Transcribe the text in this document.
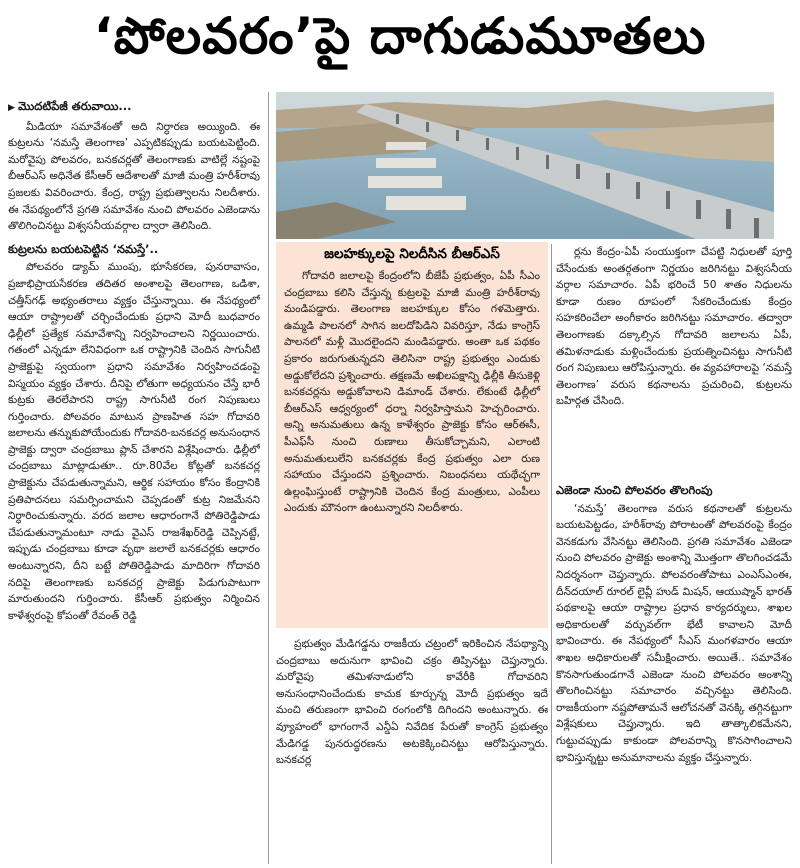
‘పోలవరం’పై దాగుడుమూతలు
▶ మొదటిపేజీ తరువాయి...

మీడియా సమావేశంతో అది నిర్ధారణ అయ్యింది. ఈ కుట్రలను ‘నమస్తే తెలంగాణ’ ఎప్పటికప్పుడు బయటపెట్టింది. మరోవైపు పోలవరం, బనకచర్లతో తెలంగాణకు వాటిల్లే నష్టంపై బీఆర్‌ఎస్‌ అధినేత కేసీఆర్‌ ఆదేశాలతో మాజీ మంత్రి హరీశ్‌రావు ప్రజలకు వివరించారు. కేంద్ర, రాష్ట్ర ప్రభుత్వాలను నిలదీశారు. ఈ నేపథ్యంలోనే ప్రగతి సమావేశం నుంచి పోలవరం ఎజెండాను తొలిగించినట్టు విశ్వసనీయవర్గాల ద్వారా తెలిసింది.

కుట్రలను బయటపెట్టిన ‘నమస్తే’..

పోలవరం డ్యామ్‌ ముంపు, భూసేకరణ, పునరావాసం, ప్రజాభిప్రాయసేకరణ తదితర అంశాలపై తెలంగాణ, ఒడిశా, చత్తీస్‌గఢ్‌ అభ్యంతరాలు వ్యక్తం చేస్తున్నాయి. ఈ నేపథ్యంలో ఆయా రాష్ట్రాలతో చర్చించేందుకు ప్రధాని మోదీ బుధవారం ఢిల్లీలో ప్రత్యేక సమావేశాన్ని నిర్వహించాలని నిర్ణయించారు. గతంలో ఎన్నడూ లేనివిధంగా ఒక రాష్ట్రానికి చెందిన సాగునీటి ప్రాజెక్టుపై స్వయంగా ప్రధాని సమావేశం నిర్వహించడంపై విస్మయం వ్యక్తం చేశారు. దీనిపై లోతుగా అధ్యయనం చేస్తే భారీ కుట్రకు తెరలేపారని రాష్ట్ర సాగునీటి రంగ నిపుణులు గుర్తించారు. పోలవరం మాటున ప్రాణహిత సహ గోదావరి జలాలను తన్నుకుపోయేందుకు గోదావరి-బనకచర్ల అనుసంధాన ప్రాజెక్టు ద్వారా చంద్రబాబు ప్లాన్‌ చేశారని విశ్లేషించారు. ఢిల్లీలో చంద్రబాబు మాట్లాడుతూ.. రూ.80వేల కోట్లతో బనకచర్ల ప్రాజెక్టును చేపడుతున్నామని, ఆర్థిక సహాయం కోసం కేంద్రానికి ప్రతిపాదనలు సమర్పించామని చెప్పడంతో కుట్ర నిజమేనని నిర్ధారించుకున్నారు. వరద జలాల ఆధారంగానే పోతిరెడ్డిపాడు చేపడుతున్నామంటూ నాడు వైఎస్‌ రాజశేఖర్‌రెడ్డి చెప్పినట్టే, ఇప్పుడు చంద్రబాబు కూడా వృథా జలాలే బనకచర్లకు ఆధారం అంటున్నారని, దీని బట్టే పోతిరెడ్డిపాడు మాదిరిగా గోదావరి నదిపై తెలంగాణకు బనకచర్ల ప్రాజెక్టు పిడుగుపాటుగా మారుతుందని గుర్తించారు. కేసీఆర్‌ ప్రభుత్వం నిర్మించిన కాళేశ్వరంపై కోపంతో రేవంత్‌ రెడ్డి

జలహక్కులపై నిలదీసిన బీఆర్‌ఎస్‌

గోదావరి జలాలపై కేంద్రంలోని బీజేపీ ప్రభుత్వం, ఏపీ సీఎం చంద్రబాబు కలిసి చేస్తున్న కుట్రలపై మాజీ మంత్రి హరీశ్‌రావు మండిపడ్డారు. తెలంగాణ జలహక్కుల కోసం గళమెత్తారు. ఉమ్మడి పాలనలో సాగిన జలదోపిడిని వివరిస్తూ, నేడు కాంగ్రెస్‌ పాలనలో మళ్లీ మొదలైందని మండిపడ్డారు. అంతా ఒక పథకం ప్రకారం జరుగుతున్నదని తెలిసినా రాష్ట్ర ప్రభుత్వం ఎందుకు అడ్డుకోలేదని ప్రశ్నించారు. తక్షణమే అఖిలపక్షాన్ని ఢిల్లీకి తీసుకెళ్లి బనకచర్లను అడ్డుకోవాలని డిమాండ్‌ చేశారు. లేకుంటే ఢిల్లీలో బీఆర్‌ఎస్‌ ఆధ్వర్యంలో ధర్నా నిర్వహిస్తామని హెచ్చరించారు. అన్ని అనుమతులు ఉన్న కాళేశ్వరం ప్రాజెక్టు కోసం ఆర్‌ఈసీ, పీఎఫ్‌సీ నుంచి రుణాలు తీసుకోచ్చామని, ఎలాంటి అనుమతులులేని బనకచర్లకు కేంద్ర ప్రభుత్వం ఎలా రుణ సహాయం చేస్తుందని ప్రశ్నించారు. నిబంధనలు యథేచ్ఛగా ఉల్లంఘిస్తుంటే రాష్ట్రానికి చెందిన కేంద్ర మంత్రులు, ఎంపీలు ఎందుకు మౌనంగా ఉంటున్నారని నిలదీశారు.

ప్రభుత్వం మేడిగడ్డను రాజకీయ చట్రంలో ఇరికించిన నేపథ్యాన్ని చంద్రబాబు అదునుగా భావించి చక్రం తిప్పినట్టు చెప్తున్నారు. మరోవైపు తమిళనాడులోని కావేరీకి గోదావరిని అనుసంధానించేందుకు కాచుక కూర్చున్న మోదీ ప్రభుత్వం ఇదే మంచి తరుణంగా భావించి రంగంలోకి దిగిందని అంటున్నారు. ఈ వ్యూహంలో భాగంగానే ఎన్డీఏ నివేదిక పేరుతో కాంగ్రెస్‌ ప్రభుత్వం మేడిగడ్డ పునరుద్ధరణను అటకెక్కించినట్టు ఆరోపిస్తున్నారు. బనకచర్ల

ర్లను కేంద్రం-ఏపీ సంయుక్తంగా చేపట్టి నిధులతో పూర్తి చేసేందుకు అంతర్గతంగా నిర్ణయం జరిగినట్టు విశ్వసనీయ వర్గాల సమాచారం. ఏపీ భరించే 50 శాతం నిధులను కూడా రుణం రూపంలో సేకరించేందుకు కేంద్రం సహకరించేలా అంగీకారం జరిగినట్టు సమాచారం. తద్వారా తెలంగాణకు దక్కాల్సిన గోదావరి జలాలను ఏపీ, తమిళనాడుకు మళ్లించేందుకు ప్రయత్నించినట్టు సాగునీటి రంగ నిపుణులు ఆరోపిస్తున్నారు. ఈ వ్యవహారాలపై ‘నమస్తే తెలంగాణ’ వరుస కథనాలను ప్రచురించి, కుట్రలను బహిర్గత చేసింది.

ఎజెండా నుంచి పోలవరం తొలగింపు

‘నమస్తే’ తెలంగాణ వరుస కథనాలతో కుట్రలను బయటపెట్టడం, హరీశ్‌రావు పోరాటంతో పోలవరంపై కేంద్రం వెనకడుగు వేసినట్టు తెలిసింది. ప్రగతి సమావేశం ఎజెండా నుంచి పోలవరం ప్రాజెక్టు అంశాన్ని మొత్తంగా తొలగించడమే నిదర్శనంగా చెప్తున్నారు. పోలవరంతోపాటు ఎంఎస్‌ఎంఈ, దీన్‌దయాల్‌ రూరల్‌ లైవ్లీ హుడ్‌ మిషన్‌, ఆయుష్మాన్‌ భారత్‌ పథకాలపై ఆయా రాష్ట్రాల ప్రధాన కార్యదర్శులు, శాఖల అధికారులతో వర్చువల్‌గా భేటీ కావాలని మోదీ భావించారు. ఈ నేపథ్యంలో సీఎస్‌ మంగళవారం ఆయా శాఖల అధికారులతో సమీక్షించారు. అయితే.. సమావేశం కొనసాగుతుండగానే ఎజెండా నుంచి పోలవరం అంశాన్ని తొలగించినట్టు సమాచారం వచ్చినట్టు తెలిసింది. రాజకీయంగా నష్టపోతామనే ఆలోచనతో వెనక్కి తగ్గినట్టుగా విశ్లేషకులు చెప్తున్నారు. ఇది తాత్కాలికమేనని, గుట్టుచప్పుడు కాకుండా పోలవరాన్ని కొనసాగించాలని భావిస్తున్నట్టు అనుమానాలను వ్యక్తం చేస్తున్నారు.
